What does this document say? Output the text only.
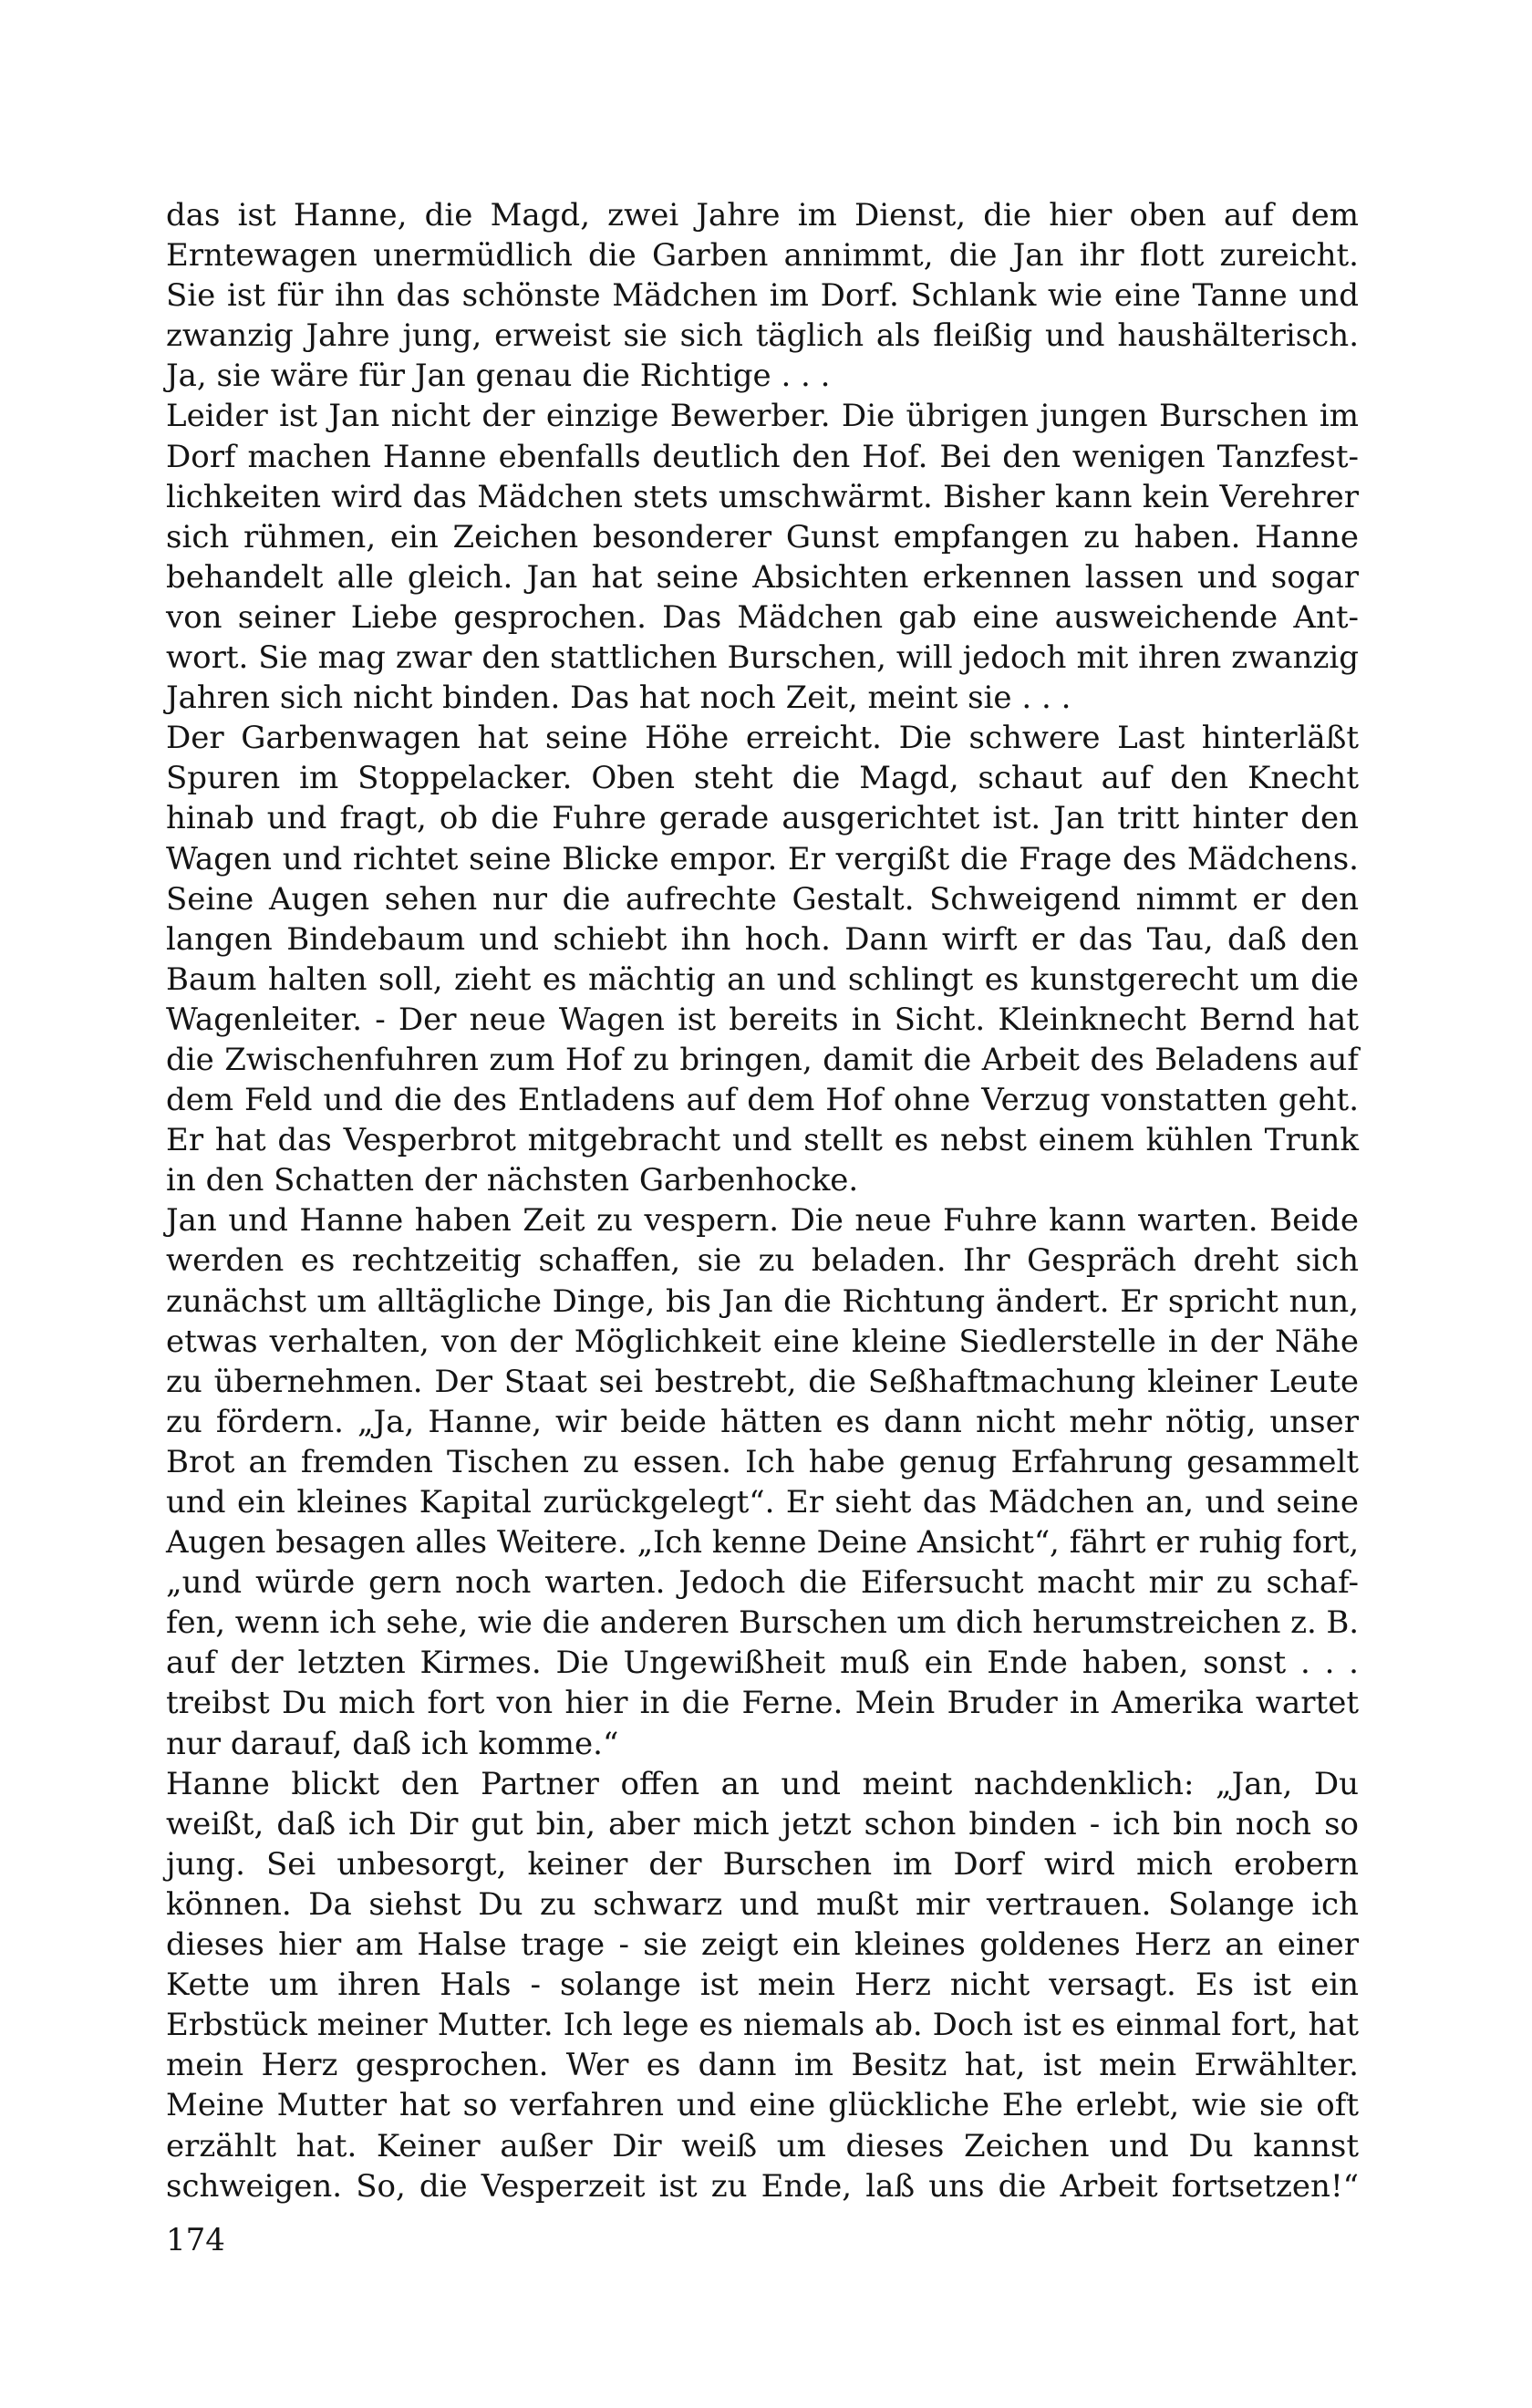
das ist Hanne, die Magd, zwei Jahre im Dienst, die hier oben auf dem
Erntewagen unermüdlich die Garben annimmt, die Jan ihr flott zureicht.
Sie ist für ihn das schönste Mädchen im Dorf. Schlank wie eine Tanne und
zwanzig Jahre jung, erweist sie sich täglich als fleißig und haushälterisch.
Ja, sie wäre für Jan genau die Richtige . . .
Leider ist Jan nicht der einzige Bewerber. Die übrigen jungen Burschen im
Dorf machen Hanne ebenfalls deutlich den Hof. Bei den wenigen Tanzfest-
lichkeiten wird das Mädchen stets umschwärmt. Bisher kann kein Verehrer
sich rühmen, ein Zeichen besonderer Gunst empfangen zu haben. Hanne
behandelt alle gleich. Jan hat seine Absichten erkennen lassen und sogar
von seiner Liebe gesprochen. Das Mädchen gab eine ausweichende Ant-
wort. Sie mag zwar den stattlichen Burschen, will jedoch mit ihren zwanzig
Jahren sich nicht binden. Das hat noch Zeit, meint sie . . .
Der Garbenwagen hat seine Höhe erreicht. Die schwere Last hinterläßt
Spuren im Stoppelacker. Oben steht die Magd, schaut auf den Knecht
hinab und fragt, ob die Fuhre gerade ausgerichtet ist. Jan tritt hinter den
Wagen und richtet seine Blicke empor. Er vergißt die Frage des Mädchens.
Seine Augen sehen nur die aufrechte Gestalt. Schweigend nimmt er den
langen Bindebaum und schiebt ihn hoch. Dann wirft er das Tau, daß den
Baum halten soll, zieht es mächtig an und schlingt es kunstgerecht um die
Wagenleiter. - Der neue Wagen ist bereits in Sicht. Kleinknecht Bernd hat
die Zwischenfuhren zum Hof zu bringen, damit die Arbeit des Beladens auf
dem Feld und die des Entladens auf dem Hof ohne Verzug vonstatten geht.
Er hat das Vesperbrot mitgebracht und stellt es nebst einem kühlen Trunk
in den Schatten der nächsten Garbenhocke.
Jan und Hanne haben Zeit zu vespern. Die neue Fuhre kann warten. Beide
werden es rechtzeitig schaffen, sie zu beladen. Ihr Gespräch dreht sich
zunächst um alltägliche Dinge, bis Jan die Richtung ändert. Er spricht nun,
etwas verhalten, von der Möglichkeit eine kleine Siedlerstelle in der Nähe
zu übernehmen. Der Staat sei bestrebt, die Seßhaftmachung kleiner Leute
zu fördern. „Ja, Hanne, wir beide hätten es dann nicht mehr nötig, unser
Brot an fremden Tischen zu essen. Ich habe genug Erfahrung gesammelt
und ein kleines Kapital zurückgelegt“. Er sieht das Mädchen an, und seine
Augen besagen alles Weitere. „Ich kenne Deine Ansicht“, fährt er ruhig fort,
„und würde gern noch warten. Jedoch die Eifersucht macht mir zu schaf-
fen, wenn ich sehe, wie die anderen Burschen um dich herumstreichen z. B.
auf der letzten Kirmes. Die Ungewißheit muß ein Ende haben, sonst . . .
treibst Du mich fort von hier in die Ferne. Mein Bruder in Amerika wartet
nur darauf, daß ich komme.“
Hanne blickt den Partner offen an und meint nachdenklich: „Jan, Du
weißt, daß ich Dir gut bin, aber mich jetzt schon binden - ich bin noch so
jung. Sei unbesorgt, keiner der Burschen im Dorf wird mich erobern
können. Da siehst Du zu schwarz und mußt mir vertrauen. Solange ich
dieses hier am Halse trage - sie zeigt ein kleines goldenes Herz an einer
Kette um ihren Hals - solange ist mein Herz nicht versagt. Es ist ein
Erbstück meiner Mutter. Ich lege es niemals ab. Doch ist es einmal fort, hat
mein Herz gesprochen. Wer es dann im Besitz hat, ist mein Erwählter.
Meine Mutter hat so verfahren und eine glückliche Ehe erlebt, wie sie oft
erzählt hat. Keiner außer Dir weiß um dieses Zeichen und Du kannst
schweigen. So, die Vesperzeit ist zu Ende, laß uns die Arbeit fortsetzen!“
174
